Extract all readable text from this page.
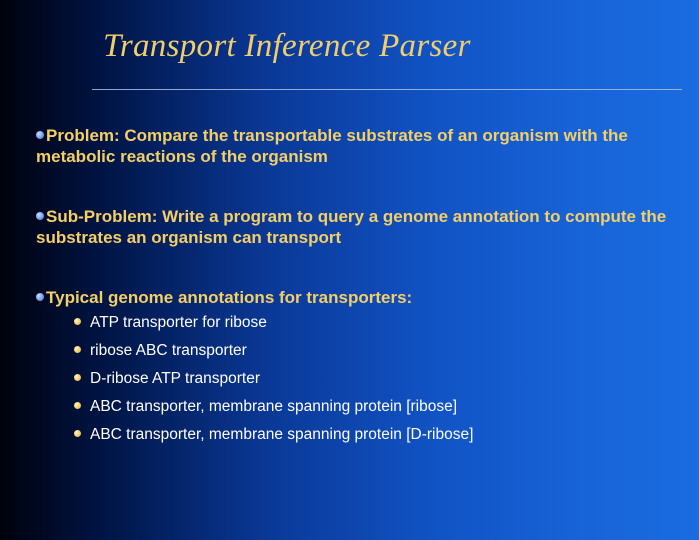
Transport Inference Parser

Problem: Compare the transportable substrates of an organism with the metabolic reactions of the organism

Sub-Problem: Write a program to query a genome annotation to compute the substrates an organism can transport

Typical genome annotations for transporters:

ATP transporter for ribose
ribose ABC transporter
D-ribose ATP transporter
ABC transporter, membrane spanning protein [ribose]
ABC transporter, membrane spanning protein [D-ribose]
